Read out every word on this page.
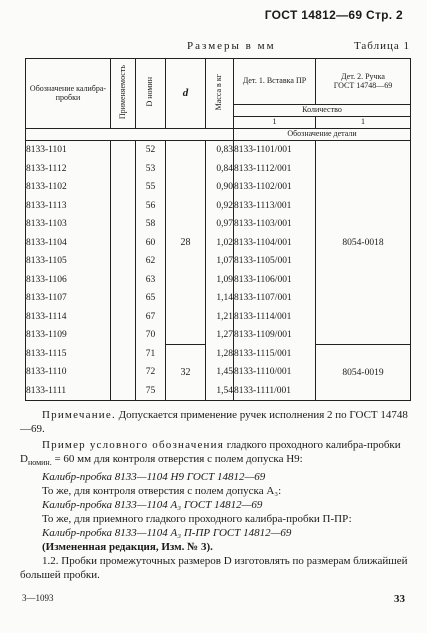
ГОСТ 14812—69 Стр. 2
Размеры в мм	Таблица 1
Обозначение калибра-пробки	Применяемость	D номин	d	Масса в кг	Дет. 1. Вставка ПР	Дет. 2. Ручка
ГОСТ 14748—69

					Количество	
					1	1
					Обозначение детали	
8133-1101		52	28	0,83	8133-1101/001	8054-0018
8133-1112		53		0,84	8133-1112/001	
8133-1102		55		0,90	8133-1102/001	
8133-1113		56		0,92	8133-1113/001	
8133-1103		58		0,97	8133-1103/001	
8133-1104		60		1,02	8133-1104/001	
8133-1105		62		1,07	8133-1105/001	
8133-1106		63		1,09	8133-1106/001	
8133-1107		65		1,14	8133-1107/001	
8133-1114		67		1,21	8133-1114/001	
8133-1109		70		1,27	8133-1109/001	
8133-1115		71	32	1,28	8133-1115/001	8054-0019
8133-1110		72		1,45	8133-1110/001	
8133-1111		75		1,54	8133-1111/001	
Примечание. Допускается применение ручек исполнения 2 по ГОСТ 14748—69.

Пример условного обозначения гладкого проходного калибра-пробки $D_{номин.} = 60$ мм для контроля отверстия с полем допуска H9:

Калибр-пробка 8133—1104 H9 ГОСТ 14812—69

То же, для контроля отверстия с полем допуска A₃:

Калибр-пробка 8133—1104 A₃ ГОСТ 14812—69

То же, для приемного гладкого проходного калибра-пробки П-ПР:

Калибр-пробка 8133—1104 A₃ П-ПР ГОСТ 14812—69

(Измененная редакция, Изм. № 3).

1.2. Пробки промежуточных размеров D изготовлять по размерам ближайшей большей пробки.

3—1093	33
